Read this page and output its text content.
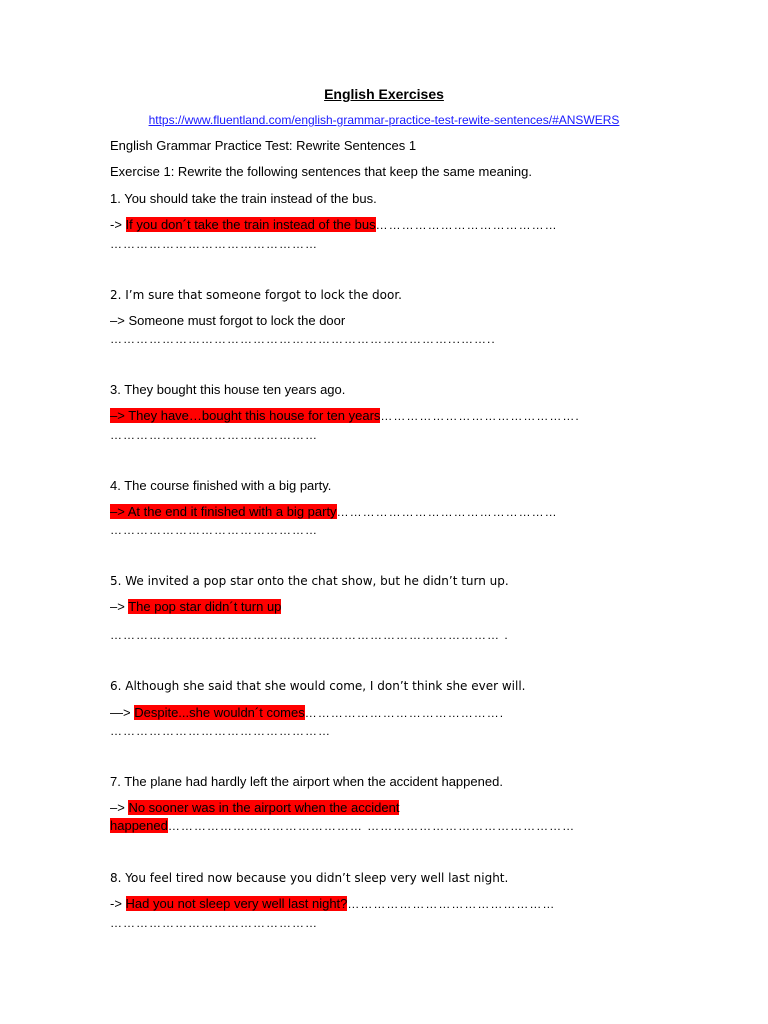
English Exercises
https://www.fluentland.com/english-grammar-practice-test-rewite-sentences/#ANSWERS
English Grammar Practice Test: Rewrite Sentences 1
Exercise 1: Rewrite the following sentences that keep the same meaning.
1. You should take the train instead of the bus.
-> If you don´t take the train instead of the bus……………………………………
…………………………………………
2. I’m sure that someone forgot to lock the door.
–> Someone must forgot to lock the door
……………………………………………………………………...……..
3. They bought this house ten years ago.
–> They have…bought this house for ten years……………………………………….
…………………………………………
4. The course finished with a big party.
–> At the end it finished with a big party……………………………………………
…………………………………………
5. We invited a pop star onto the chat show, but he didn’t turn up.
–> The pop star didn´t turn up
……………………………………………………………………………… .
6. Although she said that she would come, I don’t think she ever will.
—> Despite...she wouldn´t comes……………………………………….
……………………………………………
7. The plane had hardly left the airport when the accident happened.
–> No sooner was in the airport when the accident
happened……………………………………… …………………………………………
8. You feel tired now because you didn’t sleep very well last night.
-> Had you not sleep very well last night?…………………………………………
…………………………………………
